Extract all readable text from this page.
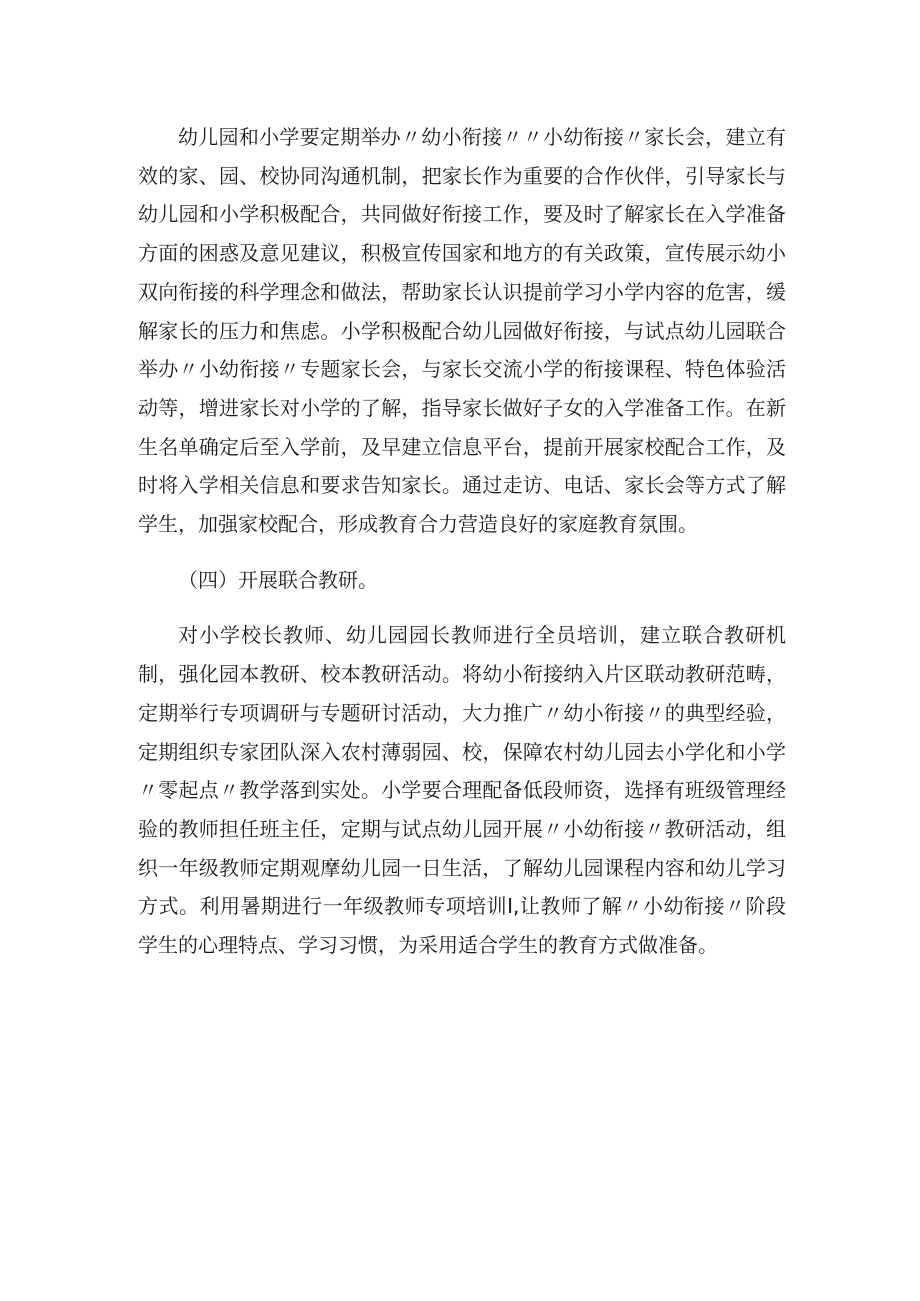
幼儿园和小学要定期举办〃幼小衔接〃〃小幼衔接〃家长会，建立有效的家、园、校协同沟通机制，把家长作为重要的合作伙伴，引导家长与幼儿园和小学积极配合，共同做好衔接工作，要及时了解家长在入学准备方面的困惑及意见建议，积极宣传国家和地方的有关政策，宣传展示幼小双向衔接的科学理念和做法，帮助家长认识提前学习小学内容的危害，缓解家长的压力和焦虑。小学积极配合幼儿园做好衔接，与试点幼儿园联合举办〃小幼衔接〃专题家长会，与家长交流小学的衔接课程、特色体验活动等，增进家长对小学的了解，指导家长做好子女的入学准备工作。在新生名单确定后至入学前，及早建立信息平台，提前开展家校配合工作，及时将入学相关信息和要求告知家长。通过走访、电话、家长会等方式了解学生，加强家校配合，形成教育合力营造良好的家庭教育氛围。

（四）开展联合教研。

对小学校长教师、幼儿园园长教师进行全员培训，建立联合教研机制，强化园本教研、校本教研活动。将幼小衔接纳入片区联动教研范畴，定期举行专项调研与专题研讨活动，大力推广〃幼小衔接〃的典型经验，定期组织专家团队深入农村薄弱园、校，保障农村幼儿园去小学化和小学〃零起点〃教学落到实处。小学要合理配备低段师资，选择有班级管理经验的教师担任班主任，定期与试点幼儿园开展〃小幼衔接〃教研活动，组织一年级教师定期观摩幼儿园一日生活，了解幼儿园课程内容和幼儿学习方式。利用暑期进行一年级教师专项培训I,让教师了解〃小幼衔接〃阶段学生的心理特点、学习习惯，为采用适合学生的教育方式做准备。
